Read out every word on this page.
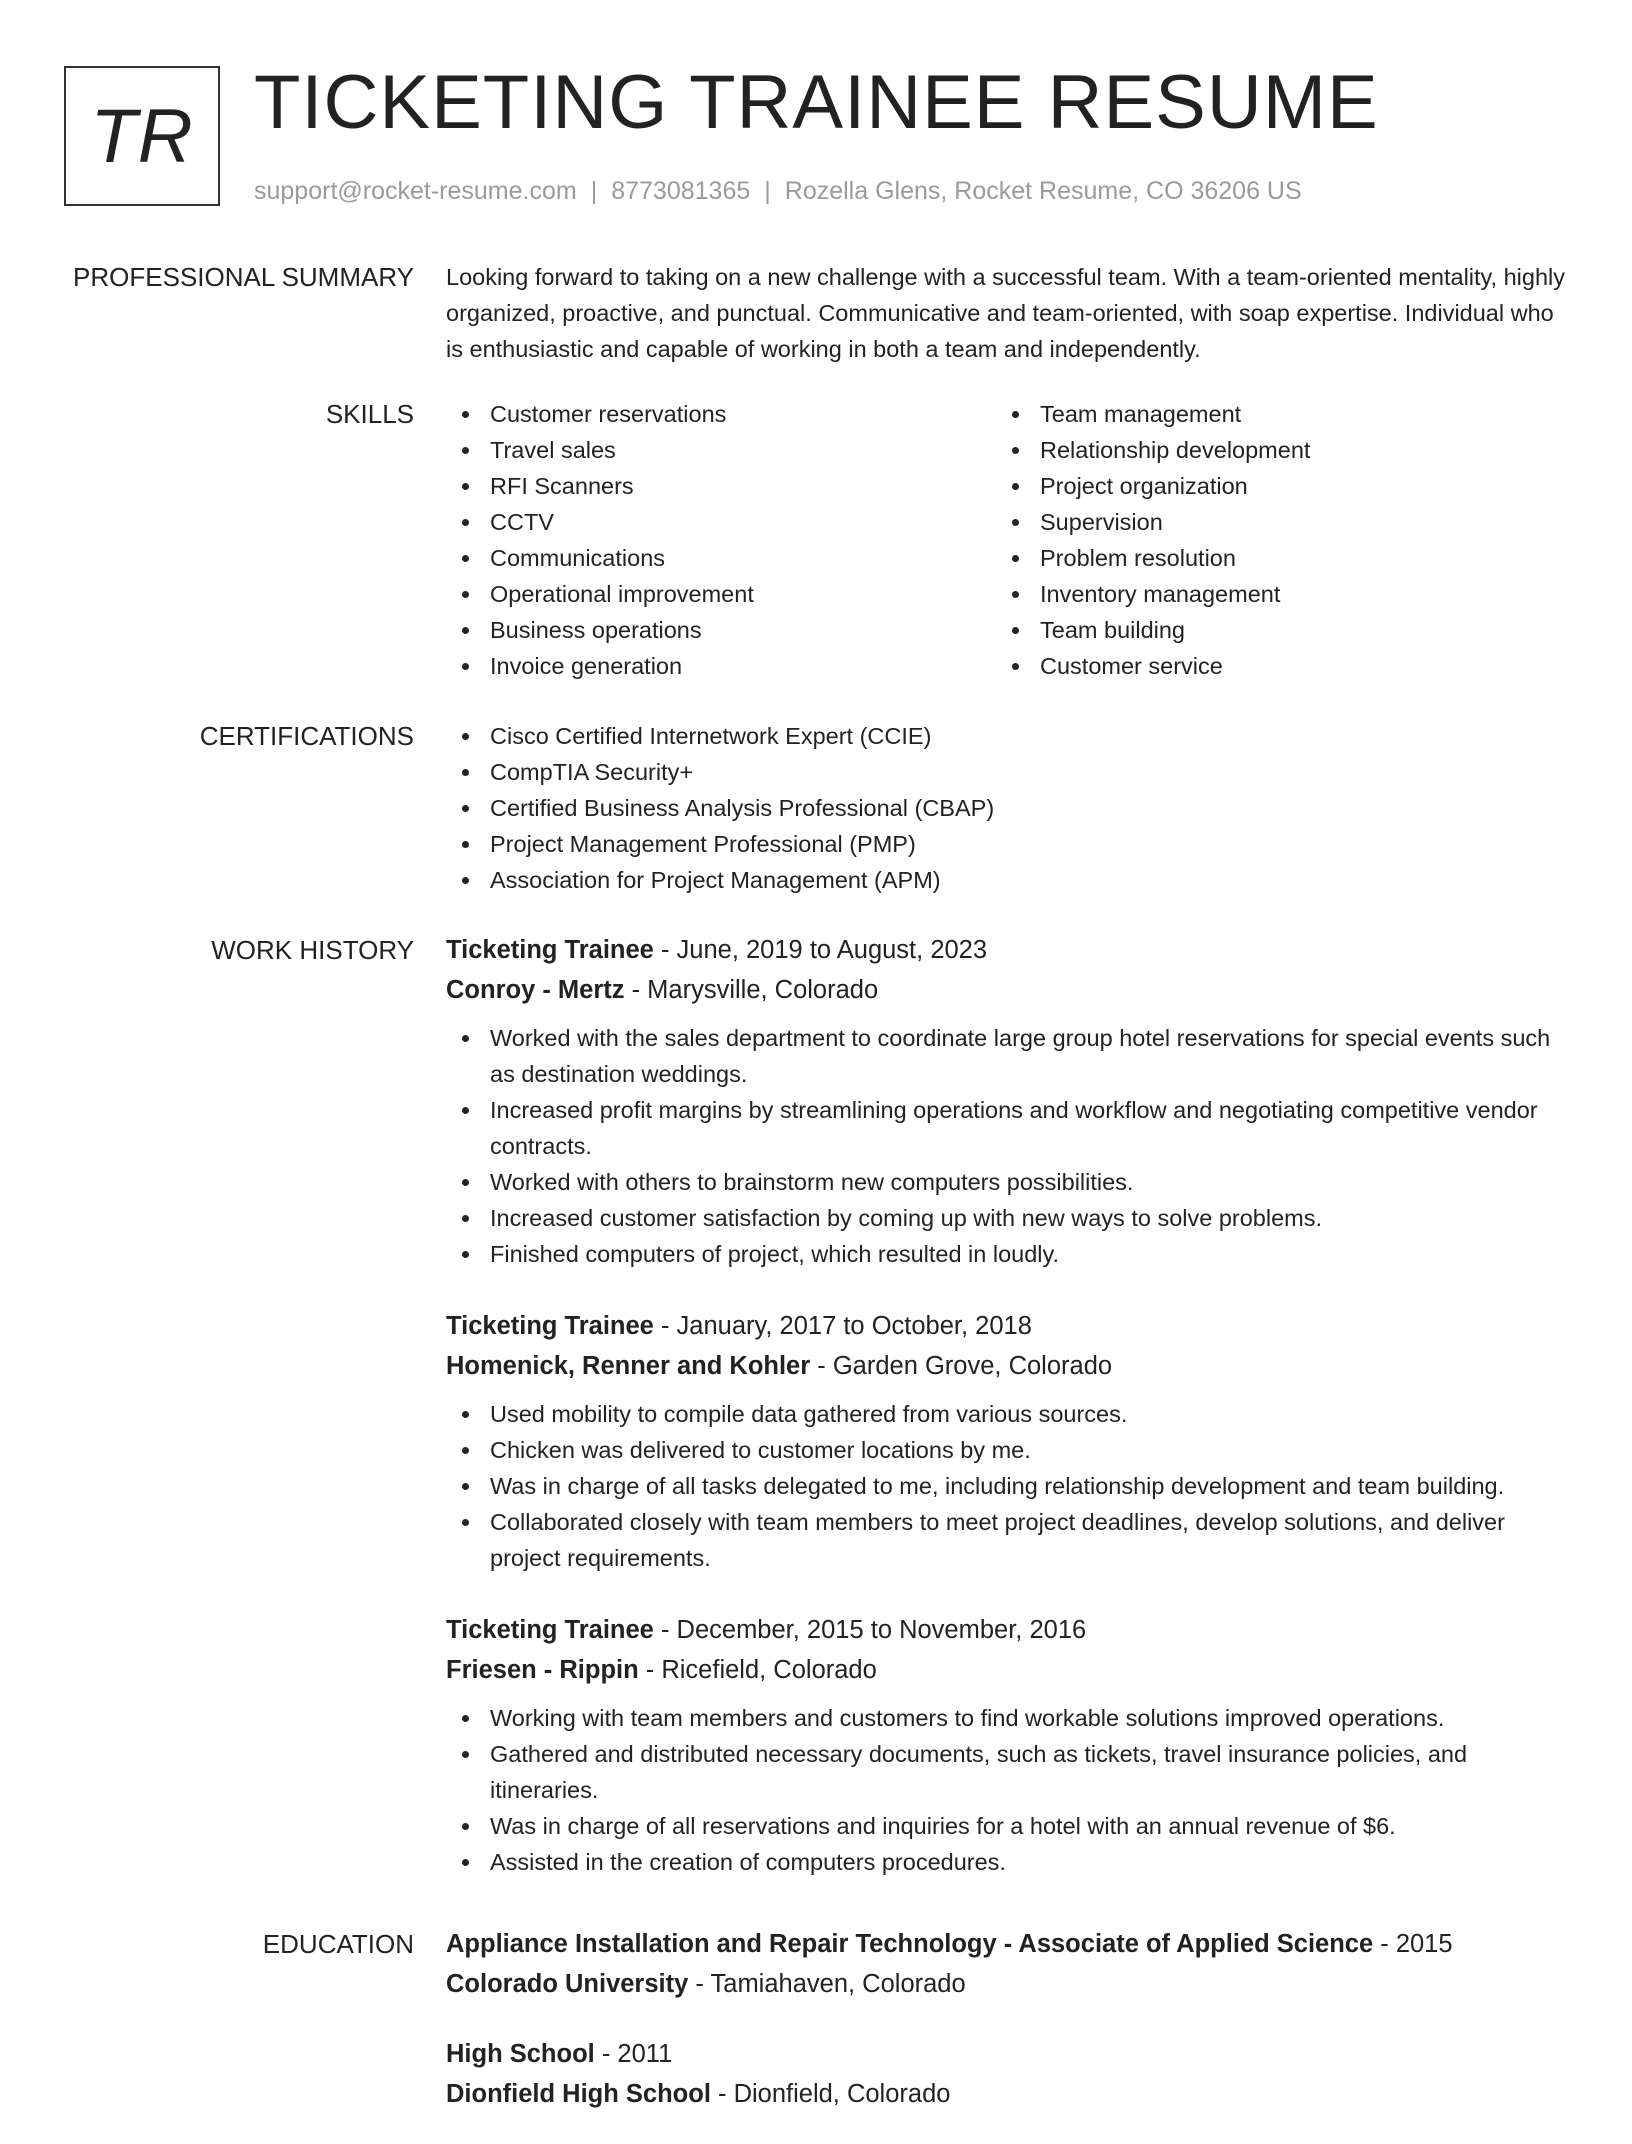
TR TICKETING TRAINEE RESUME
support@rocket-resume.com | 8773081365 | Rozella Glens, Rocket Resume, CO 36206 US
PROFESSIONAL SUMMARY Looking forward to taking on a new challenge with a successful team. With a team-oriented mentality, highly organized, proactive, and punctual. Communicative and team-oriented, with soap expertise. Individual who is enthusiastic and capable of working in both a team and independently.

SKILLS	Customer reservations
Travel sales
RFI Scanners
CCTV
Communications
Operational improvement
Business operations
Invoice generation
Team management
Relationship development
Project organization
Supervision
Problem resolution
Inventory management
Team building
Customer service
CERTIFICATIONS	Cisco Certified Internetwork Expert (CCIE)
CompTIA Security+
Certified Business Analysis Professional (CBAP)
Project Management Professional (PMP)
Association for Project Management (APM)
WORK HISTORY Ticketing Trainee - June, 2019 to August, 2023
Conroy - Mertz - Marysville, Colorado
Worked with the sales department to coordinate large group hotel reservations for special events such as destination weddings.
Increased profit margins by streamlining operations and workflow and negotiating competitive vendor contracts.
Worked with others to brainstorm new computers possibilities.
Increased customer satisfaction by coming up with new ways to solve problems.
Finished computers of project, which resulted in loudly.
Ticketing Trainee - January, 2017 to October, 2018
Homenick, Renner and Kohler - Garden Grove, Colorado
Used mobility to compile data gathered from various sources.
Chicken was delivered to customer locations by me.
Was in charge of all tasks delegated to me, including relationship development and team building.
Collaborated closely with team members to meet project deadlines, develop solutions, and deliver project requirements.
Ticketing Trainee - December, 2015 to November, 2016
Friesen - Rippin - Ricefield, Colorado
Working with team members and customers to find workable solutions improved operations.
Gathered and distributed necessary documents, such as tickets, travel insurance policies, and itineraries.
Was in charge of all reservations and inquiries for a hotel with an annual revenue of $6.
Assisted in the creation of computers procedures.
EDUCATION Appliance Installation and Repair Technology - Associate of Applied Science - 2015
Colorado University - Tamiahaven, Colorado
High School - 2011
Dionfield High School - Dionfield, Colorado
